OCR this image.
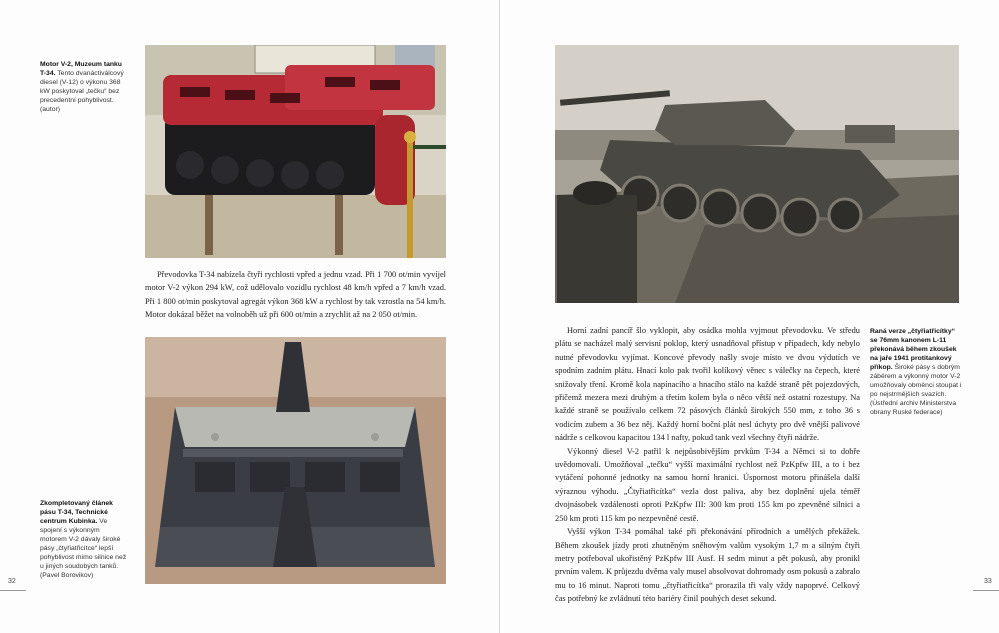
Motor V-2, Muzeum tanku T-34. Tento dvanáctiválcový diesel (V-12) o výkonu 368 kW poskytoval „tečku“ bez precedentní pohyblivost. (autor)

Převodovka T-34 nabízela čtyři rychlosti vpřed a jednu vzad. Při 1 700 ot/min vyvíjel motor V-2 výkon 294 kW, což udělovalo vozidlu rychlost 48 km/h vpřed a 7 km/h vzad. Při 1 800 ot/min poskytoval agregát výkon 368 kW a rychlost by tak vzrostla na 54 km/h. Motor dokázal běžet na volnoběh už při 600 ot/min a zrychlit až na 2 050 ot/min.

Zkompletovaný článek pásu T-34, Technické centrum Kubinka. Ve spojení s výkonným motorem V-2 dávaly široké pásy „čtyřiatřicítce“ lepší pohyblivost mimo silnice než u jiných soudobých tanků. (Pavel Borovikov)
32
Raná verze „čtyřiatřicítky“ se 76mm kanonem L-11 překonává během zkoušek na jaře 1941 protitankový příkop. Široké pásy s dobrým záběrem a výkonný motor V-2 umožňovaly obměnci stoupat i po nejstrmějších svazích. (Ústřední archiv Ministerstva obrany Ruské federace)

Horní zadní pancíř šlo vyklopit, aby osádka mohla vyjmout převodovku. Ve středu plátu se nacházel malý servisní poklop, který usnadňoval přístup v případech, kdy nebylo nutné převodovku vyjímat. Koncové převody našly svoje místo ve dvou výdutích ve spodním zadním plátu. Hnací kolo pak tvořil kolíkový věnec s válečky na čepech, které snižovaly tření. Kromě kola napínacího a hnacího stálo na každé straně pět pojezdových, přičemž mezera mezi druhým a třetím kolem byla o něco větší než ostatní rozestupy. Na každé straně se používalo celkem 72 pásových článků širokých 550 mm, z toho 36 s vodicím zubem a 36 bez něj. Každý horní boční plát nesl úchyty pro dvě vnější palivové nádrže s celkovou kapacitou 134 l nafty, pokud tank vezl všechny čtyři nádrže.

Výkonný diesel V-2 patřil k nejpůsobivějším prvkům T-34 a Němci si to dobře uvědomovali. Umožňoval „tečku“ vyšší maximální rychlost než PzKpfw III, a to i bez vytáčení pohonné jednotky na samou horní hranici. Úspornost motoru přinášela další výraznou výhodu. „Čtyřiatřicítka“ vezla dost paliva, aby bez doplnění ujela téměř dvojnásobek vzdálenosti oproti PzKpfw III: 300 km proti 155 km po zpevněné silnici a 250 km proti 115 km po nezpevněné cestě.

Vyšší výkon T-34 pomáhal také při překonávání přírodních a umělých překážek. Během zkoušek jízdy proti zhutněným sněhovým valům vysokým 1,7 m a silným čtyři metry potřeboval ukořistěný PzKpfw III Ausf. H sedm minut a pět pokusů, aby pronikl prvním valem. K průjezdu dvěma valy musel absolvovat dohromady osm pokusů a zabralo mu to 16 minut. Naproti tomu „čtyřiatřicítka“ prorazila tři valy vždy napoprvé. Celkový čas potřebný ke zvládnutí této bariéry činil pouhých deset sekund.

33
